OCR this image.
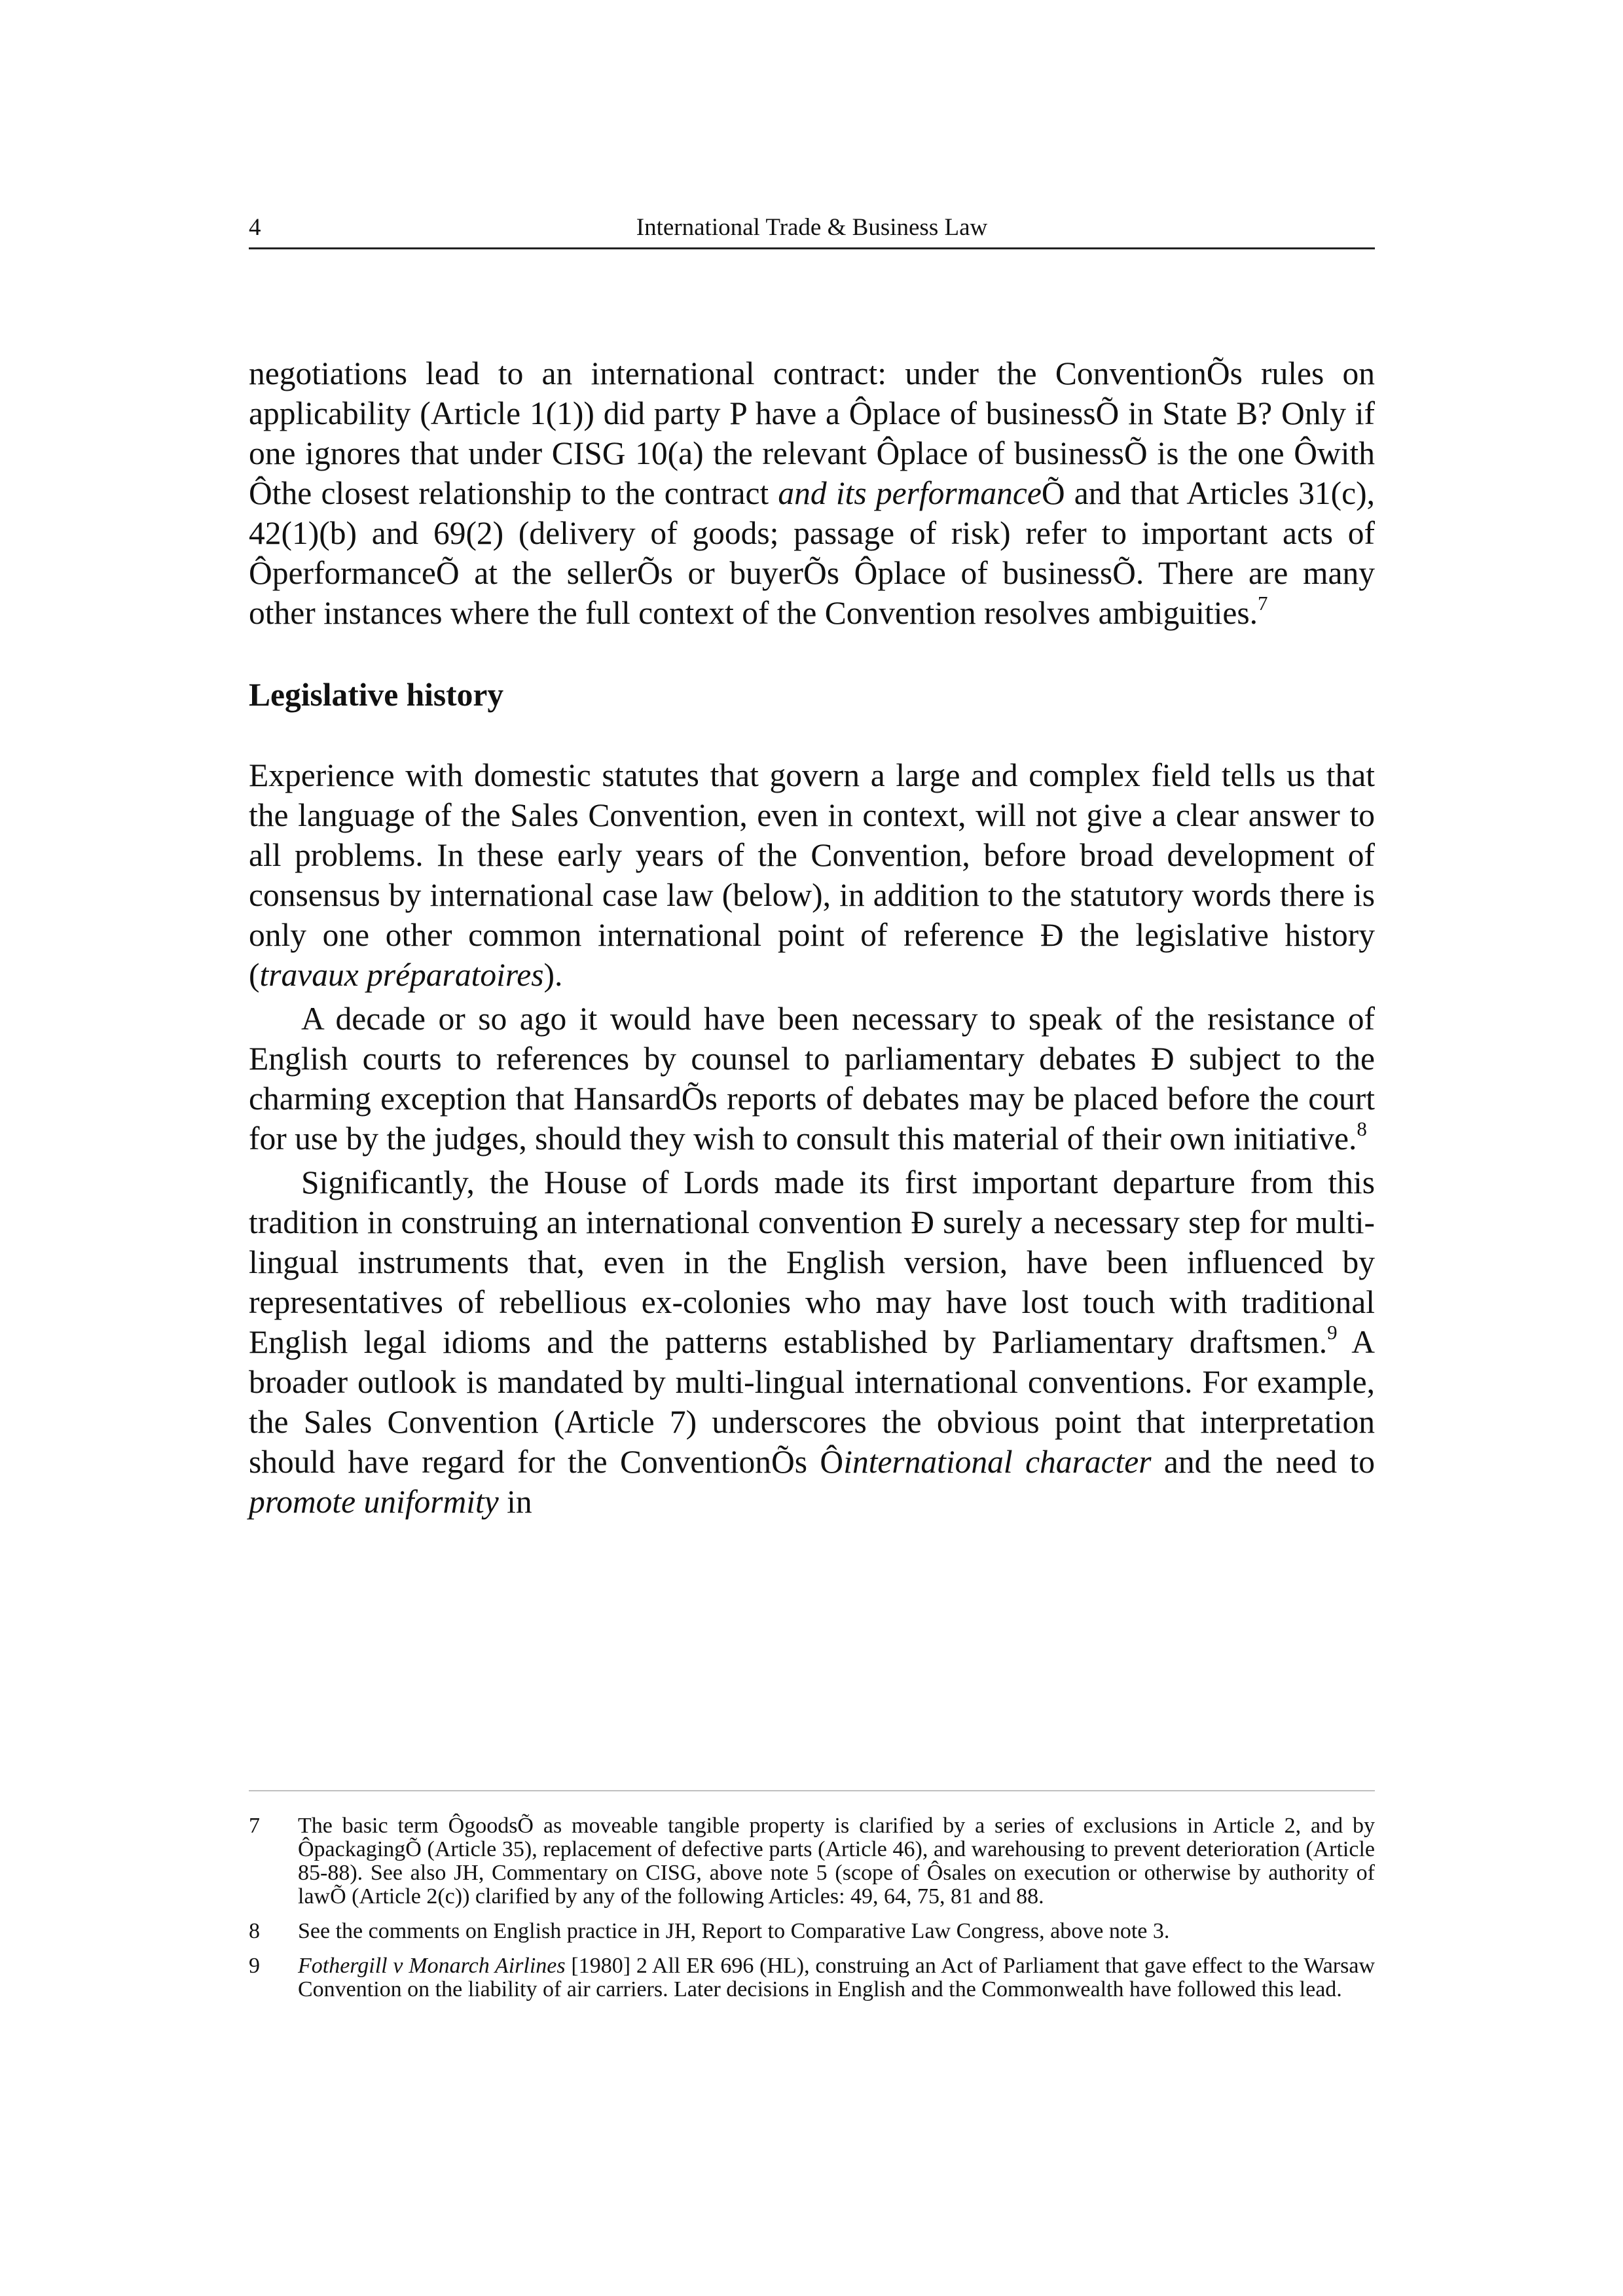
4	International Trade & Business Law

negotiations lead to an international contract: under the ConventionÕs rules on applicability (Article 1(1)) did party P have a Ôplace of businessÕ in State B? Only if one ignores that under CISG 10(a) the relevant Ôplace of businessÕ is the one Ôwith Ôthe closest relationship to the contract and its performanceÕ and that Articles 31(c), 42(1)(b) and 69(2) (delivery of goods; passage of risk) refer to important acts of ÔperformanceÕ at the sellerÕs or buyerÕs Ôplace of businessÕ. There are many other instances where the full context of the Convention resolves ambiguities.$^7$

Legislative history

Experience with domestic statutes that govern a large and complex field tells us that the language of the Sales Convention, even in context, will not give a clear answer to all problems. In these early years of the Convention, before broad development of consensus by international case law (below), in addition to the statutory words there is only one other common international point of reference Ð the legislative history (travaux préparatoires).

A decade or so ago it would have been necessary to speak of the resistance of English courts to references by counsel to parliamentary debates Ð subject to the charming exception that HansardÕs reports of debates may be placed before the court for use by the judges, should they wish to consult this material of their own initiative.$^8$

Significantly, the House of Lords made its first important departure from this tradition in construing an international convention Ð surely a necessary step for multi-lingual instruments that, even in the English version, have been influenced by representatives of rebellious ex-colonies who may have lost touch with traditional English legal idioms and the patterns established by Parliamentary draftsmen.$^9$ A broader outlook is mandated by multi-lingual international conventions. For example, the Sales Convention (Article 7) underscores the obvious point that interpretation should have regard for the ConventionÕs Ôinternational character and the need to promote uniformity in

7	The basic term ÔgoodsÕ as moveable tangible property is clarified by a series of exclusions in Article 2, and by ÔpackagingÕ (Article 35), replacement of defective parts (Article 46), and warehousing to prevent deterioration (Article 85-88). See also JH, Commentary on CISG, above note 5 (scope of Ôsales on execution or otherwise by authority of lawÕ (Article 2(c)) clarified by any of the following Articles: 49, 64, 75, 81 and 88.
8	See the comments on English practice in JH, Report to Comparative Law Congress, above note 3.
9	Fothergill v Monarch Airlines [1980] 2 All ER 696 (HL), construing an Act of Parliament that gave effect to the Warsaw Convention on the liability of air carriers. Later decisions in English and the Commonwealth have followed this lead.
